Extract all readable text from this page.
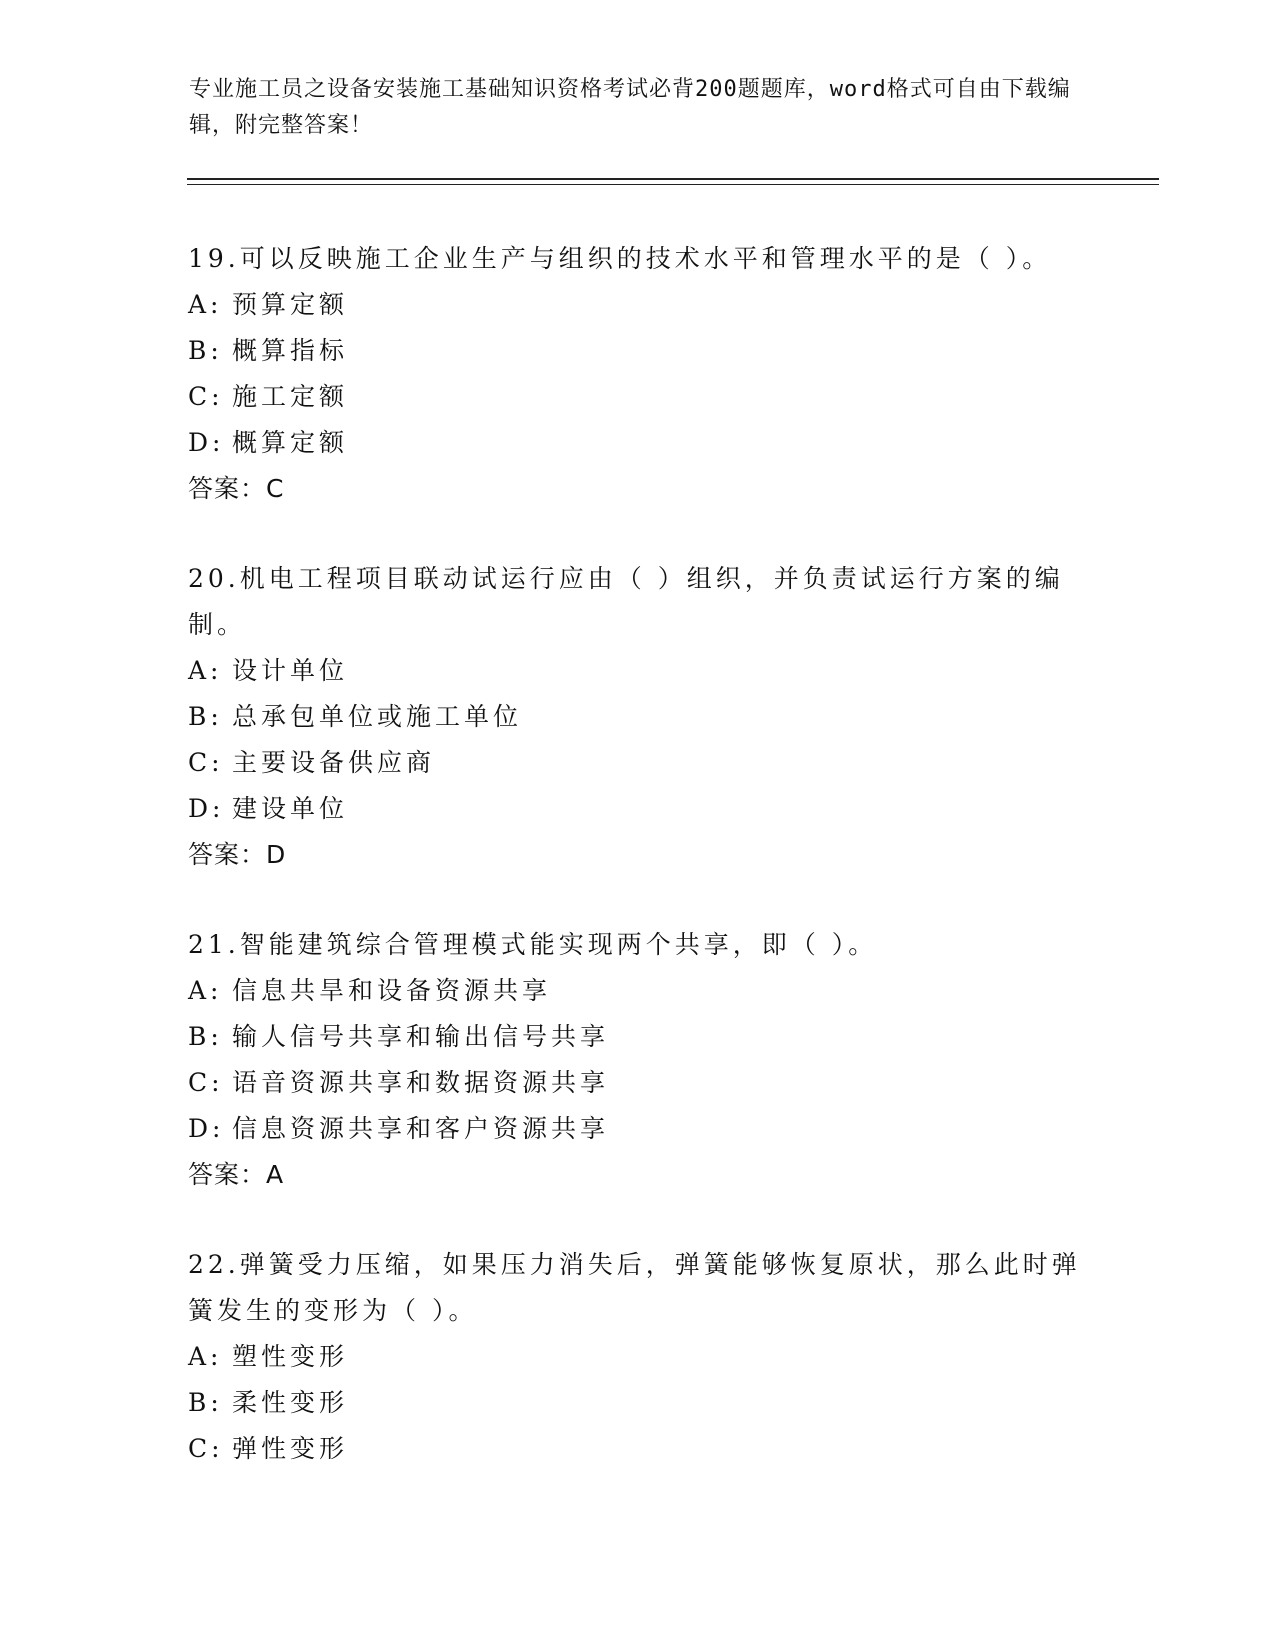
专业施工员之设备安装施工基础知识资格考试必背200题题库，word格式可自由下载编辑，附完整答案！
19.可以反映施工企业生产与组织的技术水平和管理水平的是（ ）。
A: 预算定额
B: 概算指标
C: 施工定额
D: 概算定额
答案：C
20.机电工程项目联动试运行应由（ ）组织，并负责试运行方案的编制。
A: 设计单位
B: 总承包单位或施工单位
C: 主要设备供应商
D: 建设单位
答案：D
21.智能建筑综合管理模式能实现两个共享，即（ ）。
A: 信息共旱和设备资源共享
B: 输人信号共享和输出信号共享
C: 语音资源共享和数据资源共享
D: 信息资源共享和客户资源共享
答案：A
22.弹簧受力压缩，如果压力消失后，弹簧能够恢复原状，那么此时弹簧发生的变形为（ ）。
A: 塑性变形
B: 柔性变形
C: 弹性变形
